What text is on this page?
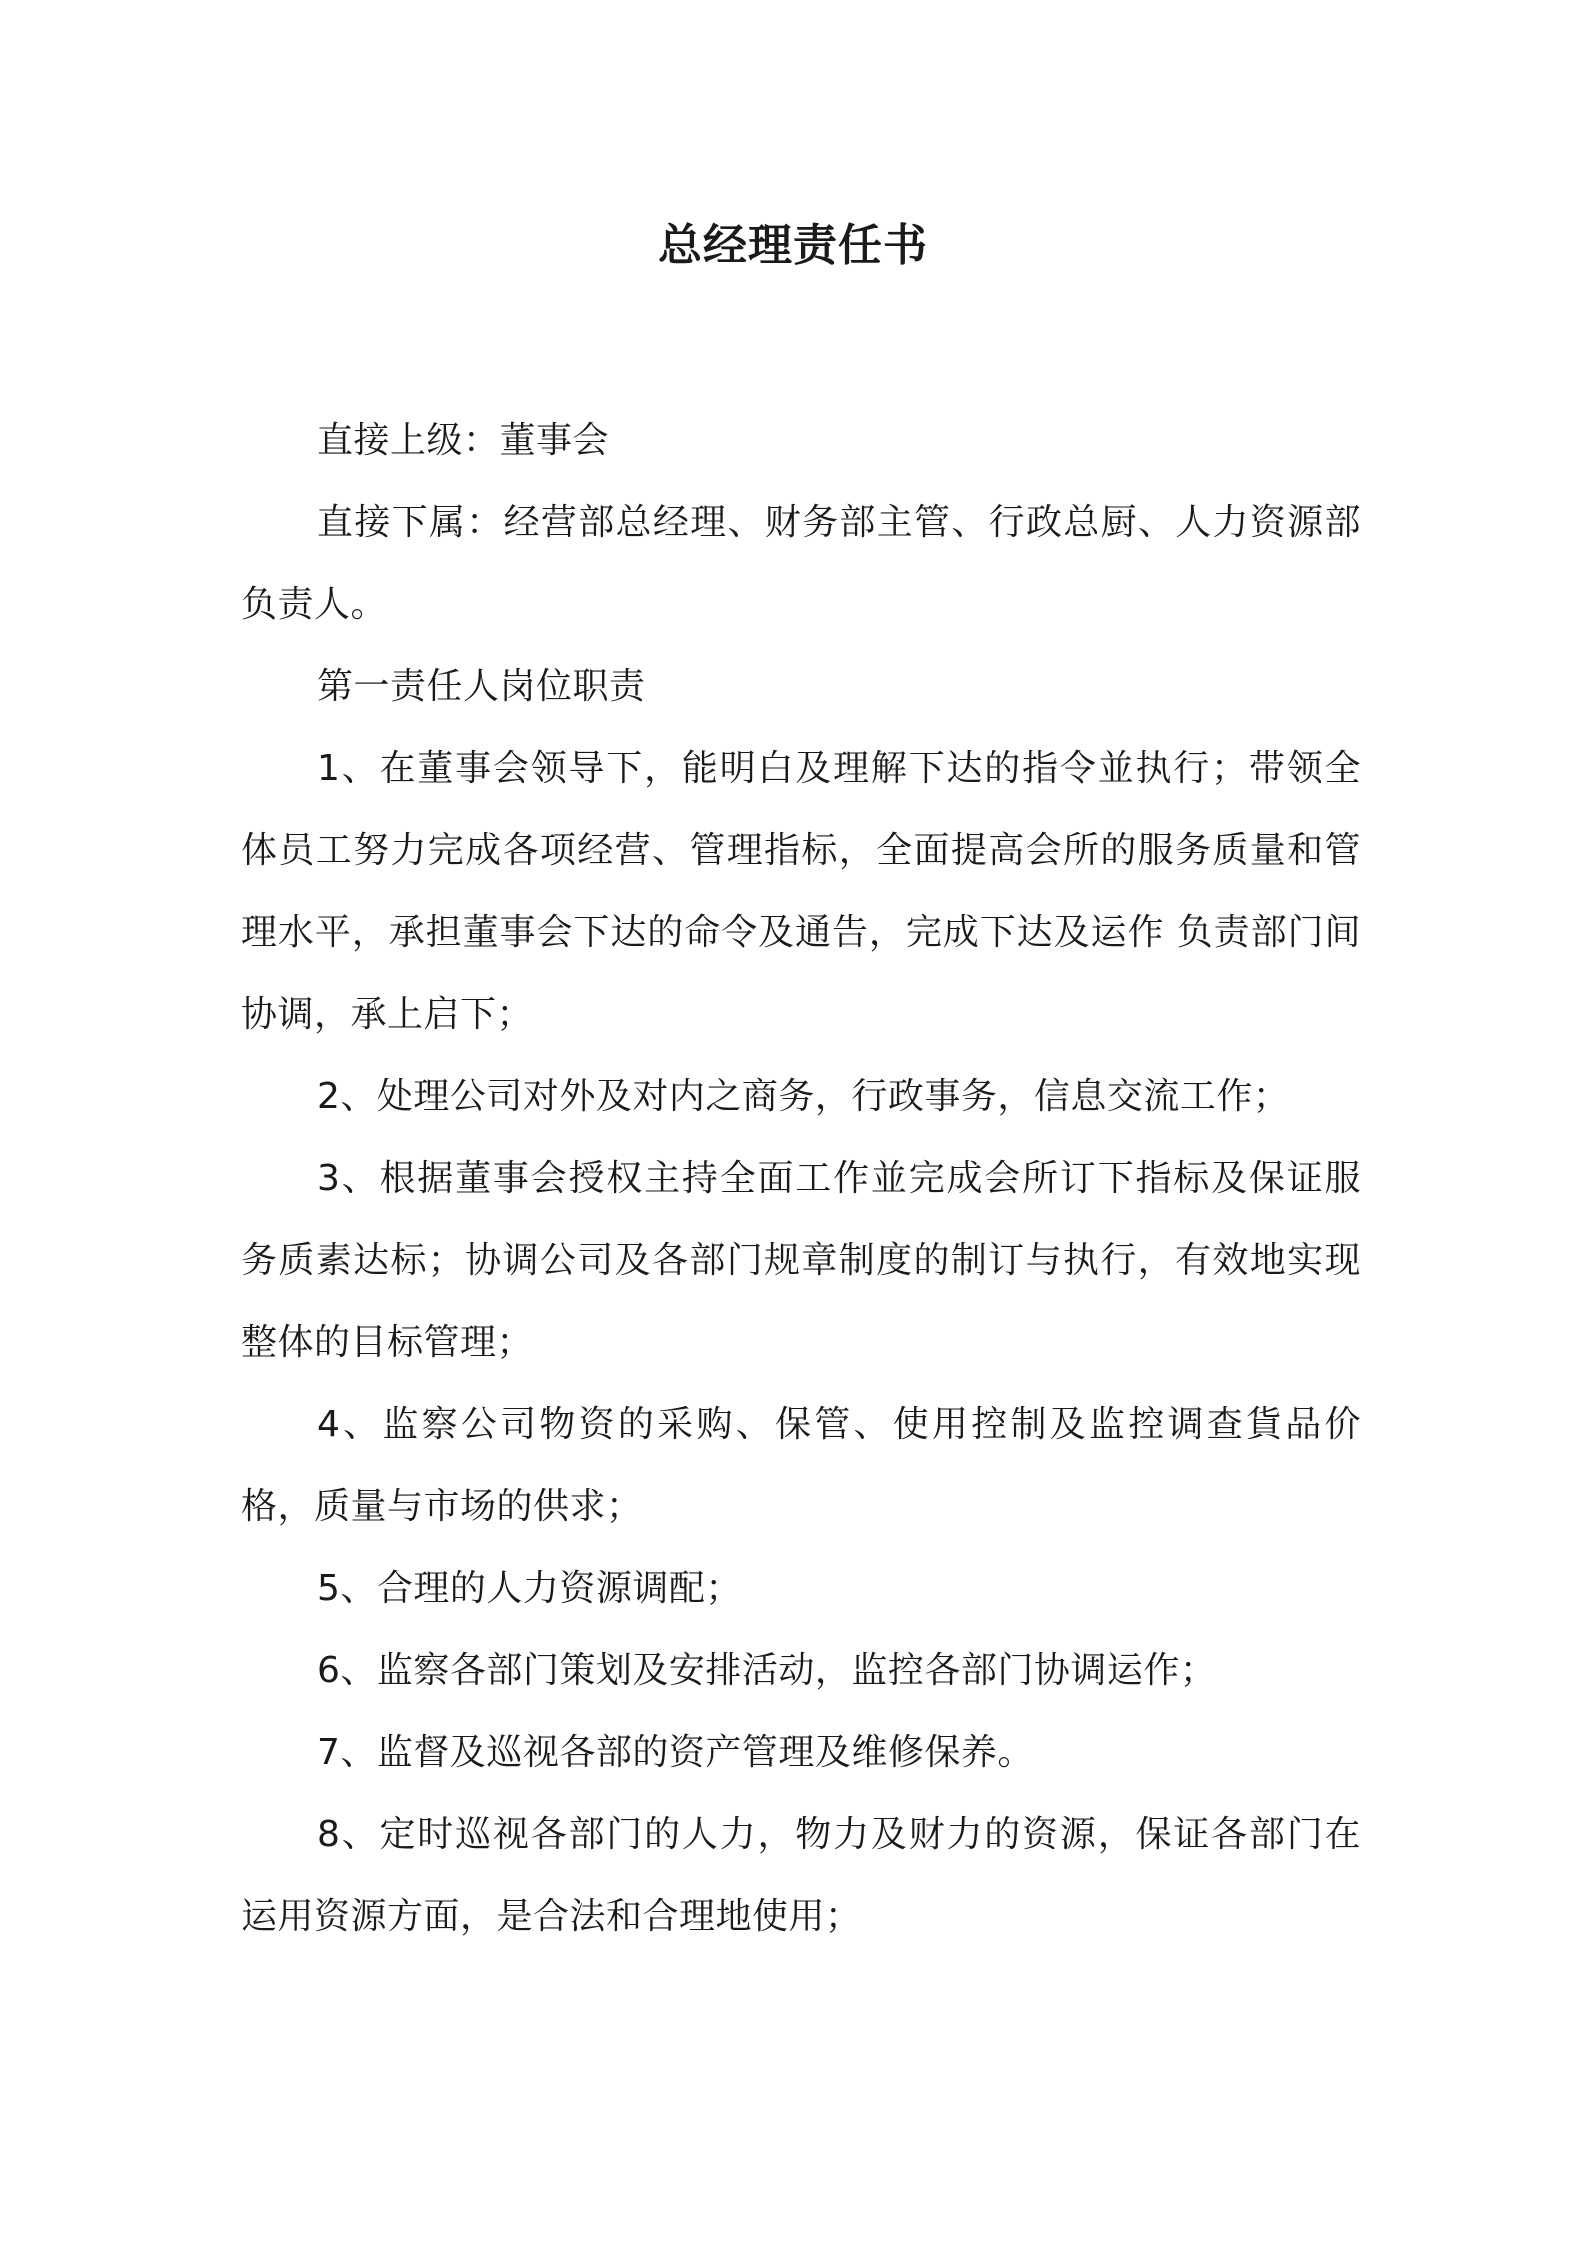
总经理责任书

直接上级：董事会

直接下属：经营部总经理、财务部主管、行政总厨、人力资源部负责人。

第一责任人岗位职责

1、在董事会领导下，能明白及理解下达的指令並执行；带领全体员工努力完成各项经营、管理指标，全面提高会所的服务质量和管理水平，承担董事会下达的命令及通告，完成下达及运作 负责部门间协调，承上启下；

2、处理公司对外及对内之商务，行政事务，信息交流工作；

3、根据董事会授权主持全面工作並完成会所订下指标及保证服务质素达标；协调公司及各部门规章制度的制订与执行，有效地实现整体的目标管理；

4、监察公司物资的采购、保管、使用控制及监控调查貨品价格，质量与市场的供求；

5、合理的人力资源调配；

6、监察各部门策划及安排活动，监控各部门协调运作；

7、监督及巡视各部的资产管理及维修保养。

8、定时巡视各部门的人力，物力及财力的资源，保证各部门在运用资源方面，是合法和合理地使用；
